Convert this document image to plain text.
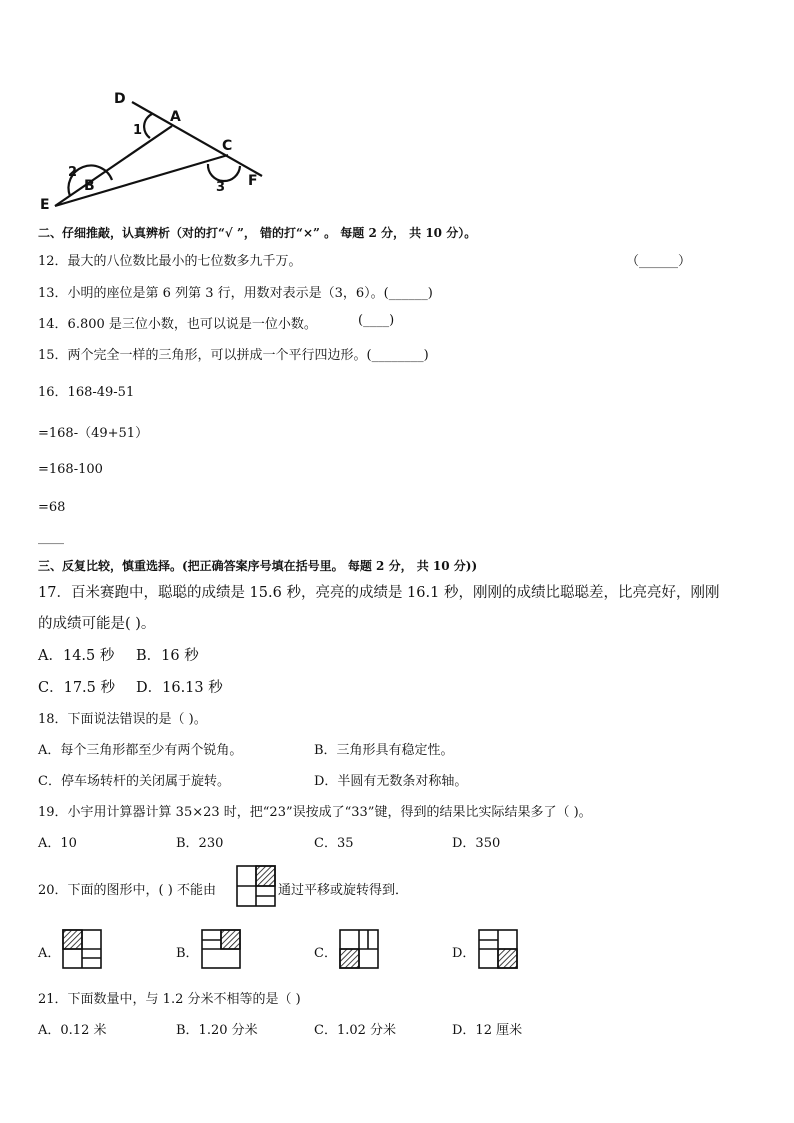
D
A
C
F
E
B
1
2
3
二、仔细推敲，认真辨析（对的打“√ ”， 错的打“×” 。 每题 2 分， 共 10 分）。
12．最大的八位数比最小的七位数多九千万。	（______）
13．小明的座位是第 6 列第 3 行，用数对表示是（3，6）。(______)
14．6.800 是三位小数，也可以说是一位小数。	(____)
15．两个完全一样的三角形，可以拼成一个平行四边形。(________)
16．168-49-51
=168-（49+51）
=168-100
=68
____
三、反复比较，慎重选择。(把正确答案序号填在括号里。 每题 2 分， 共 10 分))
17．百米赛跑中，聪聪的成绩是 15.6 秒，亮亮的成绩是 16.1 秒，刚刚的成绩比聪聪差，比亮亮好，刚刚
的成绩可能是( )。
A．14.5 秒 B．16 秒
C．17.5 秒 D．16.13 秒
18．下面说法错误的是（ )。
A．每个三角形都至少有两个锐角。	B．三角形具有稳定性。
C．停车场转杆的关闭属于旋转。	D．半圆有无数条对称轴。
19．小宇用计算器计算 35×23 时，把“23”误按成了“33”键，得到的结果比实际结果多了（ )。
A．10	B．230	C．35	D．350
20．下面的图形中，( ) 不能由	通过平移或旋转得到．
A．	B．	C．	D．
21．下面数量中，与 1.2 分米不相等的是（ )
A．0.12 米	B．1.20 分米	C．1.02 分米	D．12 厘米
